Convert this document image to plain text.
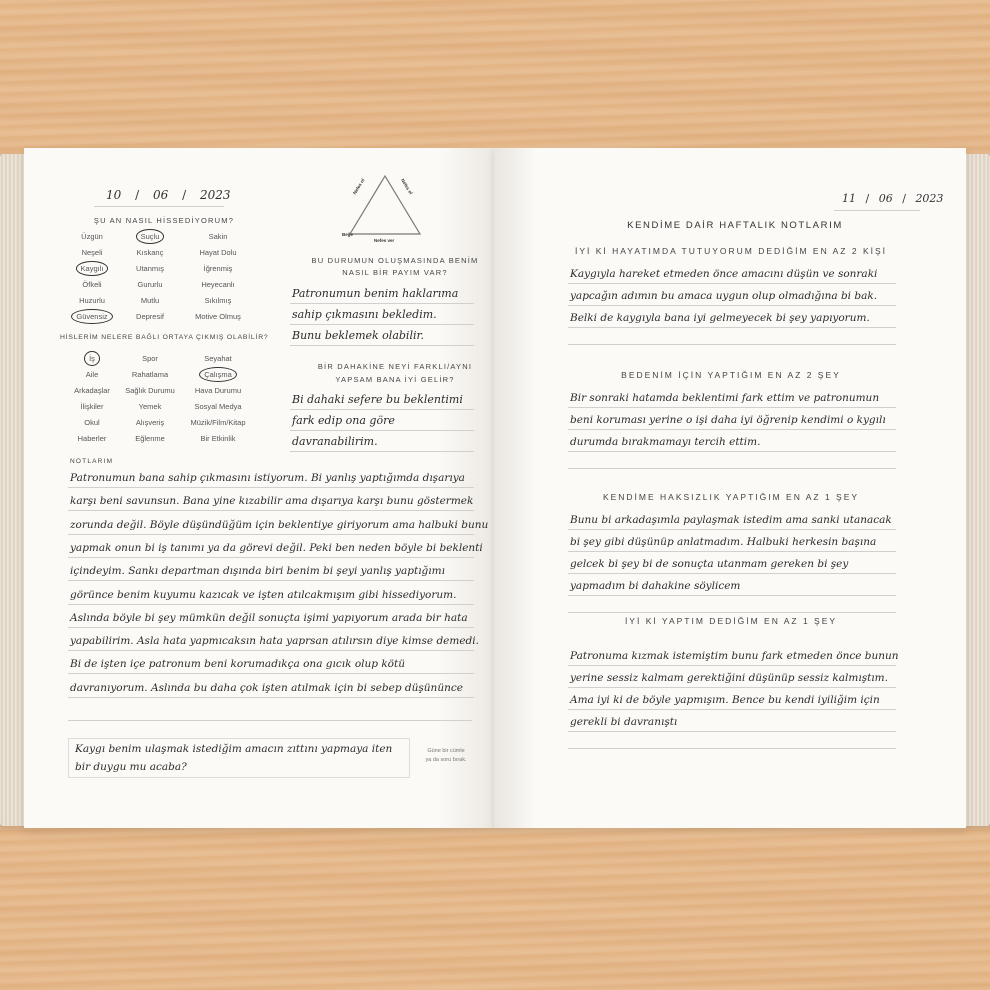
10 / 06 / 2023
ŞU AN NASIL HİSSEDİYORUM?
Üzgün	Suçlu	Sakin
Neşeli	Kıskanç	Hayat Dolu
Kaygılı	Utanmış	İğrenmiş
Öfkeli	Gururlu	Heyecanlı
Huzurlu	Mutlu	Sıkılmış
Güvensiz	Depresif	Motive Olmuş
HİSLERİM NELERE BAĞLI ORTAYA ÇIKMIŞ OLABİLİR?
İş	Spor	Seyahat
Aile	Rahatlama	Çalışma
Arkadaşlar	Sağlık Durumu	Hava Durumu
İlişkiler	Yemek	Sosyal Medya
Okul	Alışveriş	Müzik/Film/Kitap
Haberler	Eğlenme	Bir Etkinlik
Nefes ol	Nefes ol
Beğe
Nefes ver
BU DURUMUN OLUŞMASINDA BENİM
NASIL BİR PAYIM VAR?
Patronumun benim haklarıma
sahip çıkmasını bekledim.
Bunu beklemek olabilir.
BİR DAHAKİNE NEYİ FARKLI/AYNI
YAPSAM BANA İYİ GELİR?
Bi dahaki sefere bu beklentimi
fark edip ona göre
davranabilirim.
NOTLARIM
Patronumun bana sahip çıkmasını istiyorum. Bi yanlış yaptığımda dışarıya
karşı beni savunsun. Bana yine kızabilir ama dışarıya karşı bunu göstermek
zorunda değil. Böyle düşündüğüm için beklentiye giriyorum ama halbuki bunu
yapmak onun bi iş tanımı ya da görevi değil. Peki ben neden böyle bi beklenti
içindeyim. Sankı departman dışında biri benim bi şeyi yanlış yaptığımı
görünce benim kuyumu kazıcak ve işten atılcakmışım gibi hissediyorum.
Aslında böyle bi şey mümkün değil sonuçta işimi yapıyorum arada bir hata
yapabilirim. Asla hata yapmıcaksın hata yaprsan atılırsın diye kimse demedi.
Bi de işten içe patronum beni korumadıkça ona gıcık olup kötü
davranıyorum. Aslında bu daha çok işten atılmak için bi sebep düşününce
Kaygı benim ulaşmak istediğim amacın zıttını yapmaya iten
bir duygu mu acaba?
Güne bir cümle
ya da soru bırak.
11 / 06 / 2023
KENDİME DAİR HAFTALIK NOTLARIM
İYİ Kİ HAYATIMDA TUTUYORUM DEDİĞİM EN AZ 2 KİŞİ
Kaygıyla hareket etmeden önce amacını düşün ve sonraki
yapcağın adımın bu amaca uygun olup olmadığına bi bak.
Belki de kaygıyla bana iyi gelmeyecek bi şey yapıyorum.
BEDENİM İÇİN YAPTIĞIM EN AZ 2 ŞEY
Bir sonraki hatamda beklentimi fark ettim ve patronumun
beni koruması yerine o işi daha iyi öğrenip kendimi o kygılı
durumda bırakmamayı tercih ettim.
KENDİME HAKSIZLIK YAPTIĞIM EN AZ 1 ŞEY
Bunu bi arkadaşımla paylaşmak istedim ama sanki utanacak
bi şey gibi düşünüp anlatmadım. Halbuki herkesin başına
gelcek bi şey bi de sonuçta utanmam gereken bi şey
yapmadım bi dahakine söylicem
İYİ Kİ YAPTIM DEDİĞİM EN AZ 1 ŞEY
Patronuma kızmak istemiştim bunu fark etmeden önce bunun
yerine sessiz kalmam gerektiğini düşünüp sessiz kalmıştım.
Ama iyi ki de böyle yapmışım. Bence bu kendi iyiliğim için
gerekli bi davranıştı
